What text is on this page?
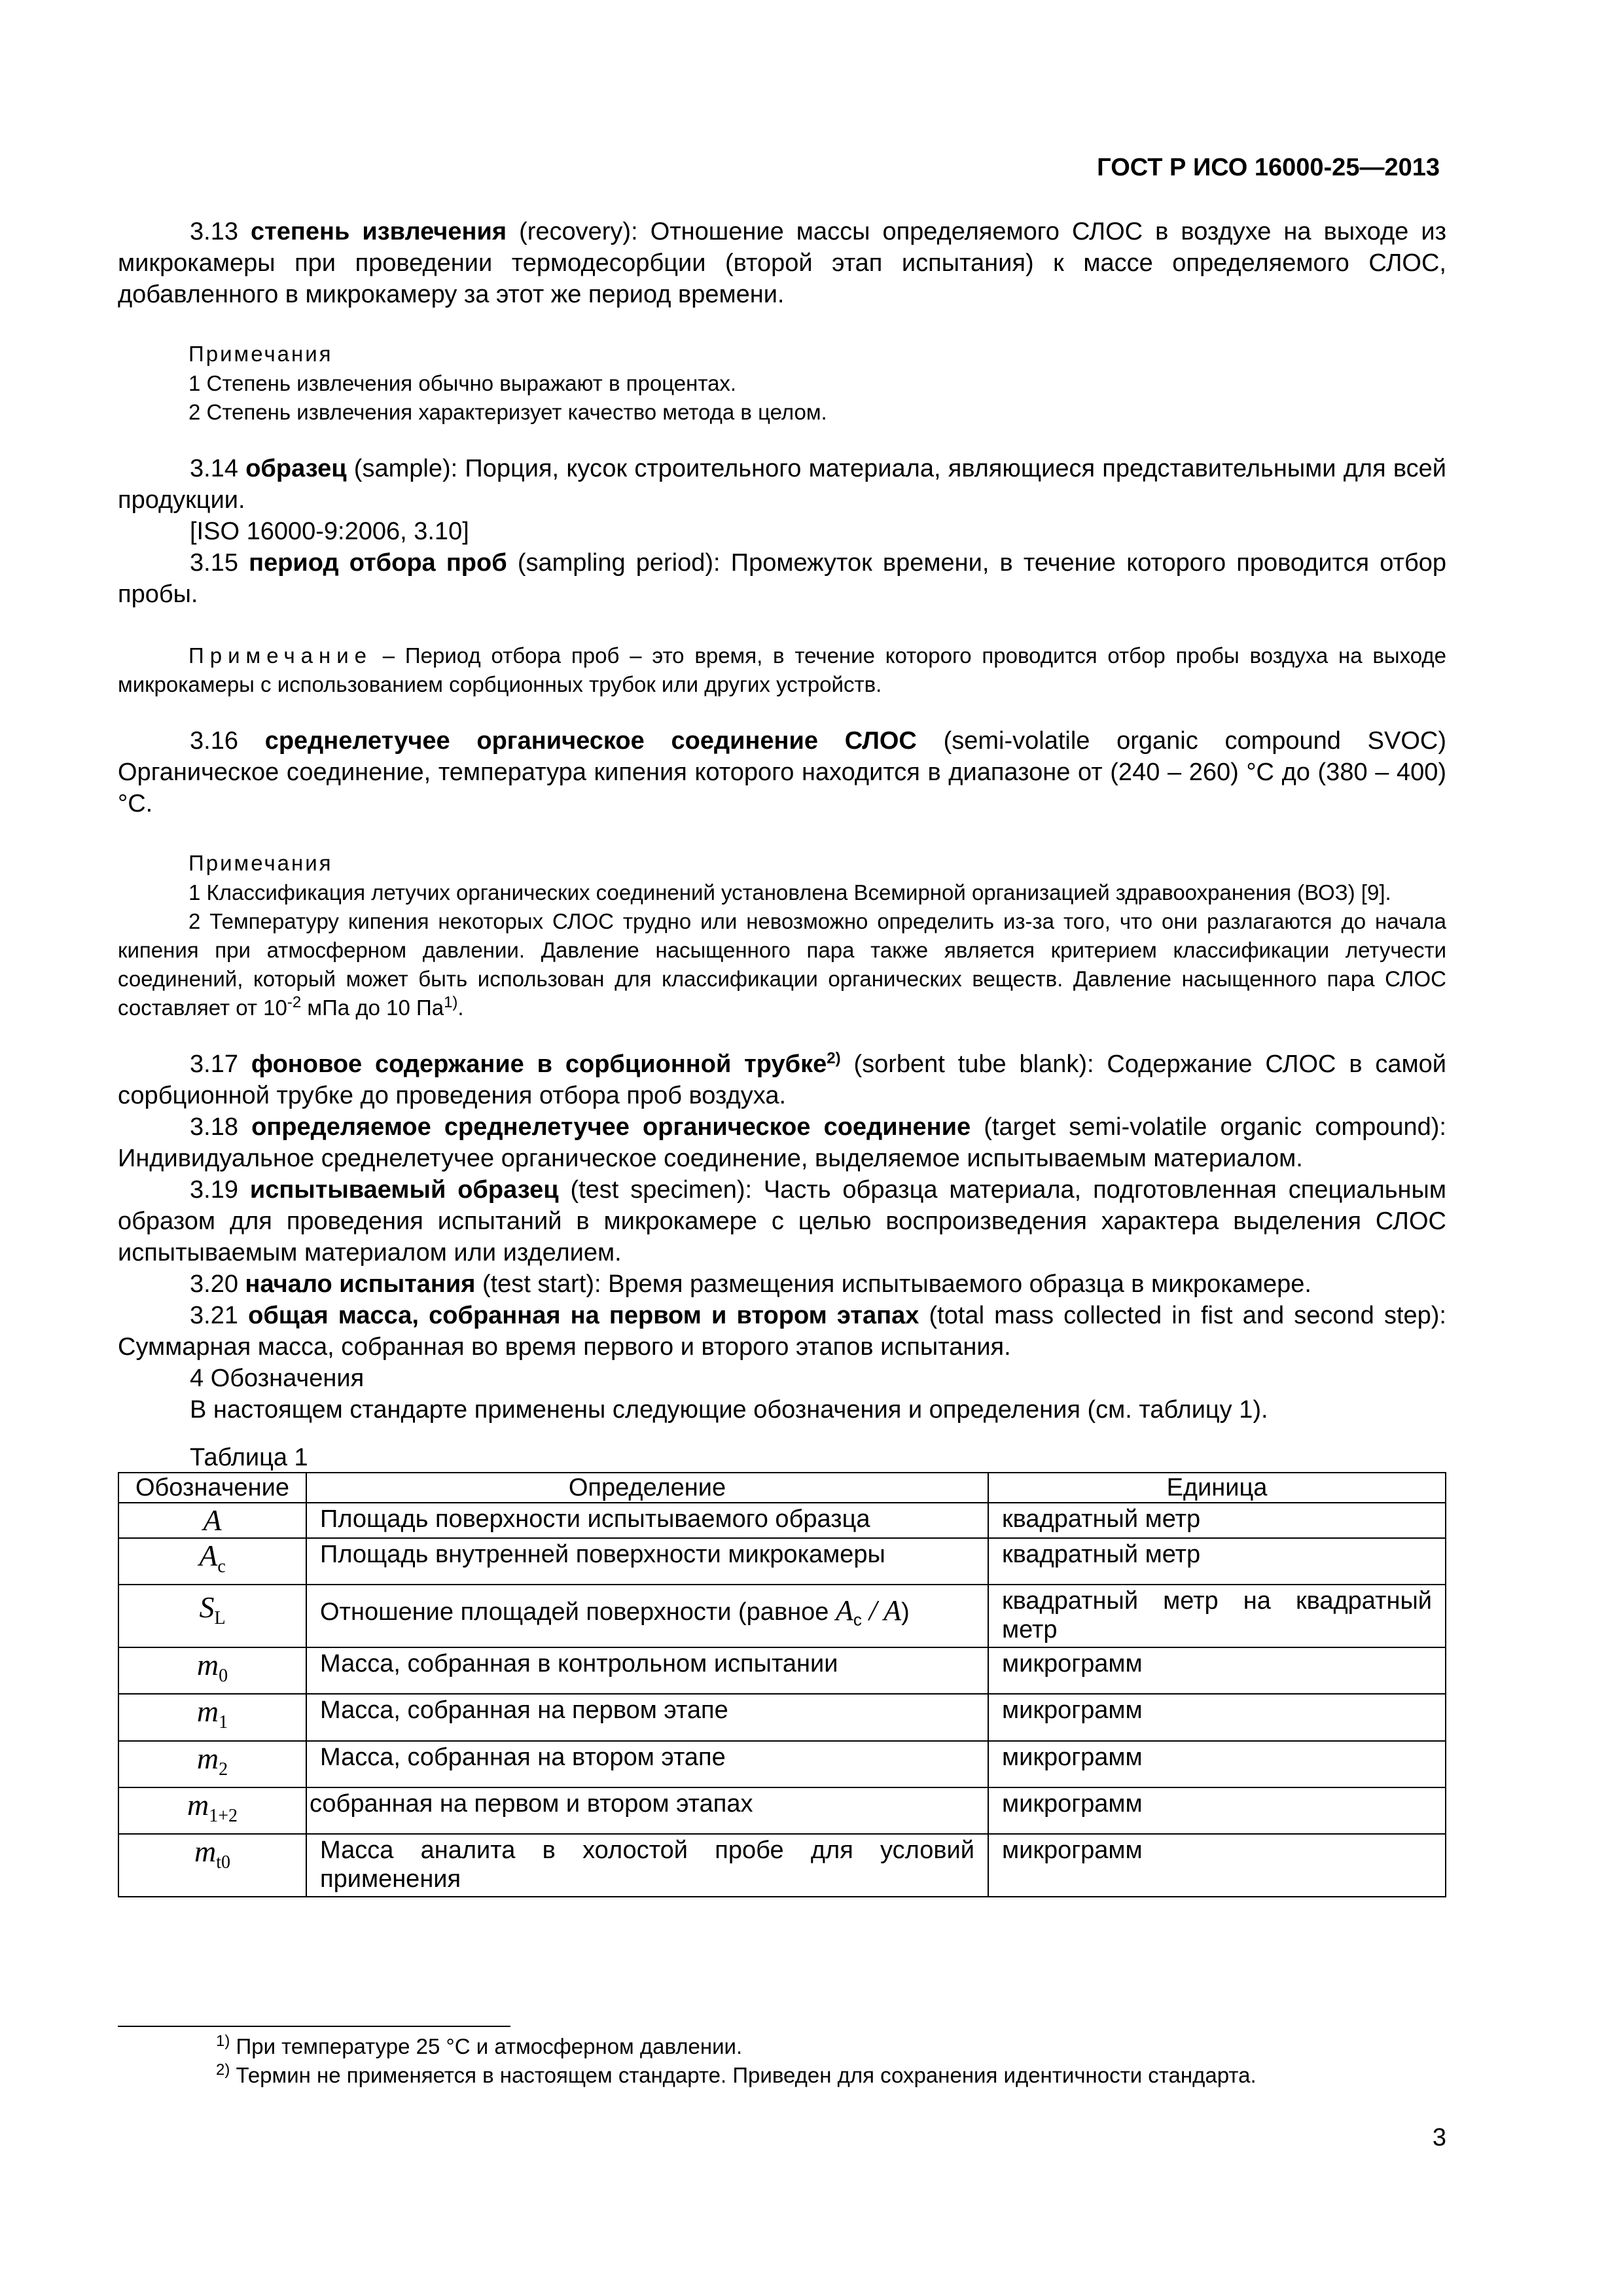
ГОСТ Р ИСО 16000-25—2013

3.13 степень извлечения (recovery): Отношение массы определяемого СЛОС в воздухе на выходе из микрокамеры при проведении термодесорбции (второй этап испытания) к массе определяемого СЛОС, добавленного в микрокамеру за этот же период времени.

Примечания

1 Степень извлечения обычно выражают в процентах.

2 Степень извлечения характеризует качество метода в целом.

3.14 образец (sample): Порция, кусок строительного материала, являющиеся представительными для всей продукции.

[ISO 16000-9:2006, 3.10]

3.15 период отбора проб (sampling period): Промежуток времени, в течение которого проводится отбор пробы.

Примечание – Период отбора проб – это время, в течение которого проводится отбор пробы воздуха на выходе микрокамеры с использованием сорбционных трубок или других устройств.

3.16 среднелетучее органическое соединение СЛОС (semi-volatile organic compound SVOC) Органическое соединение, температура кипения которого находится в диапазоне от (240 – 260) °С до (380 – 400) °С.

Примечания

1 Классификация летучих органических соединений установлена Всемирной организацией здравоохранения (ВОЗ) [9].

2 Температуру кипения некоторых СЛОС трудно или невозможно определить из-за того, что они разлагаются до начала кипения при атмосферном давлении. Давление насыщенного пара также является критерием классификации летучести соединений, который может быть использован для классификации органических веществ. Давление насыщенного пара СЛОС составляет от $10^{-2}$ мПа до 10 $Па^{1)}$.

3.17 фоновое содержание в сорбционной трубке$^{2)}$ (sorbent tube blank): Содержание СЛОС в самой сорбционной трубке до проведения отбора проб воздуха.

3.18 определяемое среднелетучее органическое соединение (target semi-volatile organic compound): Индивидуальное среднелетучее органическое соединение, выделяемое испытываемым материалом.

3.19 испытываемый образец (test specimen): Часть образца материала, подготовленная специальным образом для проведения испытаний в микрокамере с целью воспроизведения характера выделения СЛОС испытываемым материалом или изделием.

3.20 начало испытания (test start): Время размещения испытываемого образца в микрокамере.

3.21 общая масса, собранная на первом и втором этапах (total mass collected in fist and second step): Суммарная масса, собранная во время первого и второго этапов испытания.

4 Обозначения

В настоящем стандарте применены следующие обозначения и определения (см. таблицу 1).

Таблица 1
Обозначение	Определение	Единица
A	Площадь поверхности испытываемого образца	квадратный метр
$A_c$	Площадь внутренней поверхности микрокамеры	квадратный метр
$S_L$	Отношение площадей поверхности (равное $A_c / A$)	квадратный метр на квадратный метр
$m_0$	Масса, собранная в контрольном испытании	микрограмм
$m_1$	Масса, собранная на первом этапе	микрограмм
$m_2$	Масса, собранная на втором этапе	микрограмм
$m_{1+2}$	собранная на первом и втором этапах	микрограмм
$m_{t0}$	Масса аналита в холостой пробе для условий применения	микрограмм
$^{1)}$ При температуре 25 °С и атмосферном давлении.
$^{2)}$ Термин не применяется в настоящем стандарте. Приведен для сохранения идентичности стандарта.
3
